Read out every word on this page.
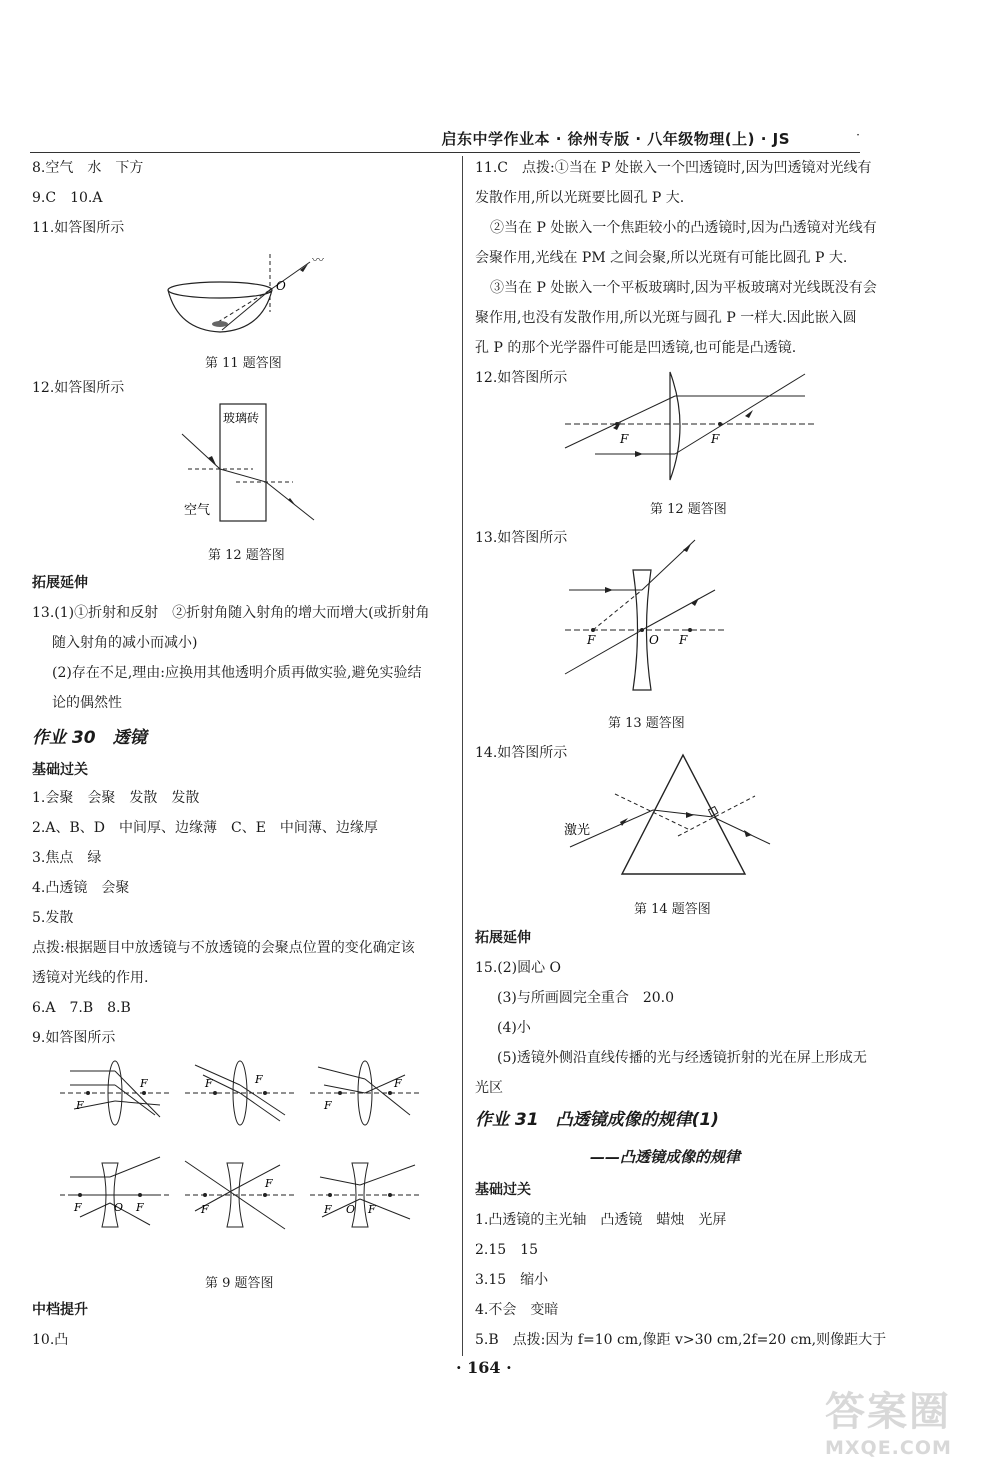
启东中学作业本 · 徐州专版 · 八年级物理(上) · JS	·
8.空气　水　下方
9.C　10.A
11.如答图所示
〰
O
第 11 题答图
12.如答图所示
玻璃砖
空气
第 12 题答图
拓展延伸
13.(1)①折射和反射　②折射角随入射角的增大而增大(或折射角
随入射角的减小而减小)
(2)存在不足,理由:应换用其他透明介质再做实验,避免实验结
论的偶然性
作业 30　透镜
基础过关
1.会聚　会聚　发散　发散
2.A、B、D　中间厚、边缘薄　C、E　中间薄、边缘厚
3.焦点　绿
4.凸透镜　会聚
5.发散
点拨:根据题目中放透镜与不放透镜的会聚点位置的变化确定该
透镜对光线的作用.
6.A　7.B　8.B
9.如答图所示
F
F
F
F	F
F
F	O F	F
F
F O F
第 9 题答图
中档提升
10.凸
11.C　点拨:①当在 P 处嵌入一个凹透镜时,因为凹透镜对光线有
发散作用,所以光斑要比圆孔 P 大.
②当在 P 处嵌入一个焦距较小的凸透镜时,因为凸透镜对光线有
会聚作用,光线在 PM 之间会聚,所以光斑有可能比圆孔 P 大.
③当在 P 处嵌入一个平板玻璃时,因为平板玻璃对光线既没有会
聚作用,也没有发散作用,所以光斑与圆孔 P 一样大.因此嵌入圆
孔 P 的那个光学器件可能是凹透镜,也可能是凸透镜.
12.如答图所示
F	F
第 12 题答图
13.如答图所示
F	O F
第 13 题答图
14.如答图所示
激光
第 14 题答图
拓展延伸
15.(2)圆心 O
(3)与所画圆完全重合　20.0
(4)小
(5)透镜外侧沿直线传播的光与经透镜折射的光在屏上形成无
光区
作业 31　凸透镜成像的规律(1)
——凸透镜成像的规律
基础过关
1.凸透镜的主光轴　凸透镜　蜡烛　光屏
2.15　15
3.15　缩小
4.不会　变暗
5.B　点拨:因为 f=10 cm,像距 v>30 cm,2f=20 cm,则像距大于
· 164 ·
答案圈
MXQE.COM
